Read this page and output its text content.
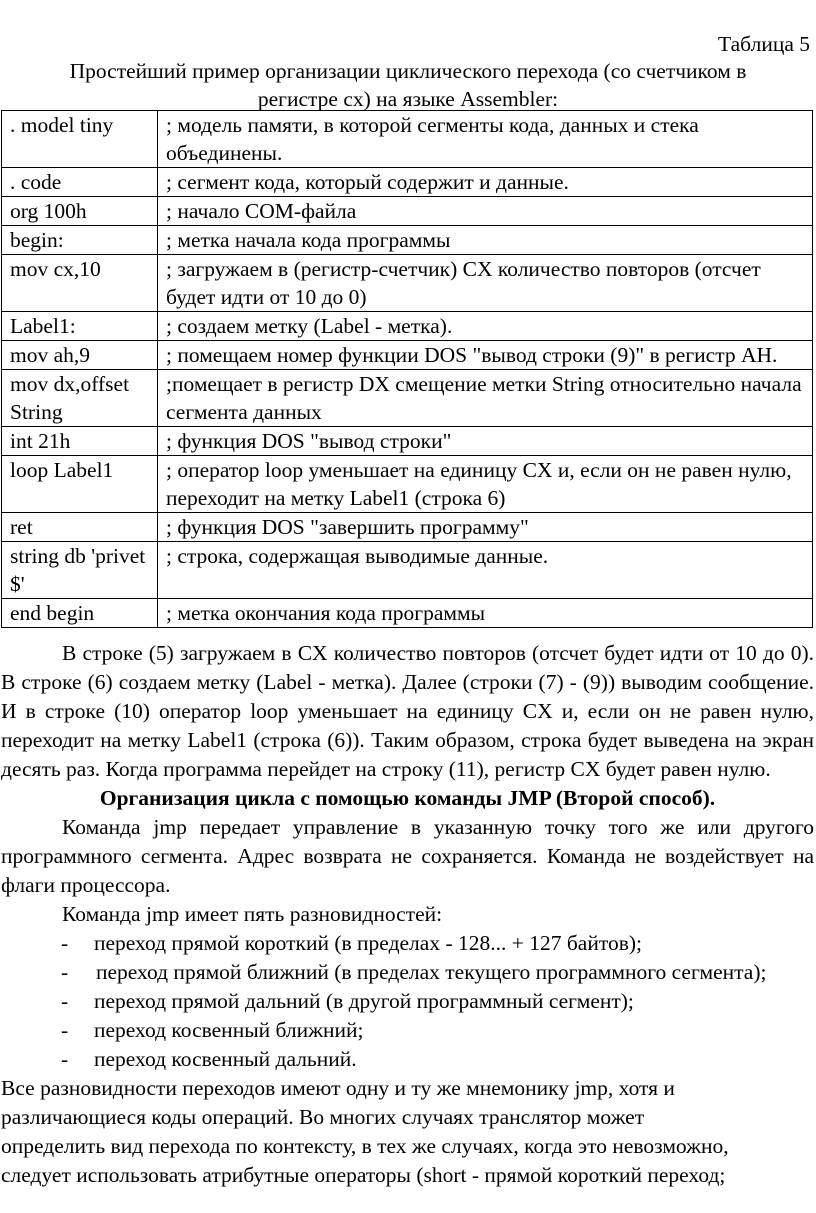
Таблица 5
Простейший пример организации циклического перехода (со счетчиком в
регистре cx) на языке Assembler:
. model tiny	; модель памяти, в которой сегменты кода, данных и стека объединены.
. code	; сегмент кода, который содержит и данные.
org 100h	; начало COM-файла
begin:	; метка начала кода программы
mov cx,10	; загружаем в (регистр-счетчик) CX количество повторов (отсчет будет идти от 10 до 0)
Label1:	; создаем метку (Label - метка).
mov ah,9	; помещаем номер функции DOS "вывод строки (9)" в регистр AH.
mov dx,offset String	;помещает в регистр DX смещение метки String относительно начала сегмента данных
int 21h	; функция DOS "вывод строки"
loop Label1	; оператор loop уменьшает на единицу CX и, если он не равен нулю, переходит на метку Label1 (строка 6)
ret	; функция DOS "завершить программу"
string db 'privet $'	; строка, содержащая выводимые данные.
end begin	; метка окончания кода программы

В строке (5) загружаем в CX количество повторов (отсчет будет идти от 10 до 0). В строке (6) создаем метку (Label - метка). Далее (строки (7) - (9)) выводим сообщение. И в строке (10) оператор loop уменьшает на единицу CX и, если он не равен нулю, переходит на метку Label1 (строка (6)). Таким образом, строка будет выведена на экран десять раз. Когда программа перейдет на строку (11), регистр CX будет равен нулю.

Организация цикла с помощью команды JMP (Второй способ).

Команда jmp передает управление в указанную точку того же или другого программного сегмента. Адрес возврата не сохраняется. Команда не воздействует на флаги процессора.

Команда jmp имеет пять разновидностей:

-	переход прямой короткий (в пределах - 128... + 127 байтов);
- переход прямой ближний (в пределах текущего программного сегмента);
-	переход прямой дальний (в другой программный сегмент);
-	переход косвенный ближний;
-	переход косвенный дальний.

Все разновидности переходов имеют одну и ту же мнемонику jmp, хотя и

различающиеся коды операций. Во многих случаях транслятор может

определить вид перехода по контексту, в тех же случаях, когда это невозможно,

следует использовать атрибутные операторы (short - прямой короткий переход;
